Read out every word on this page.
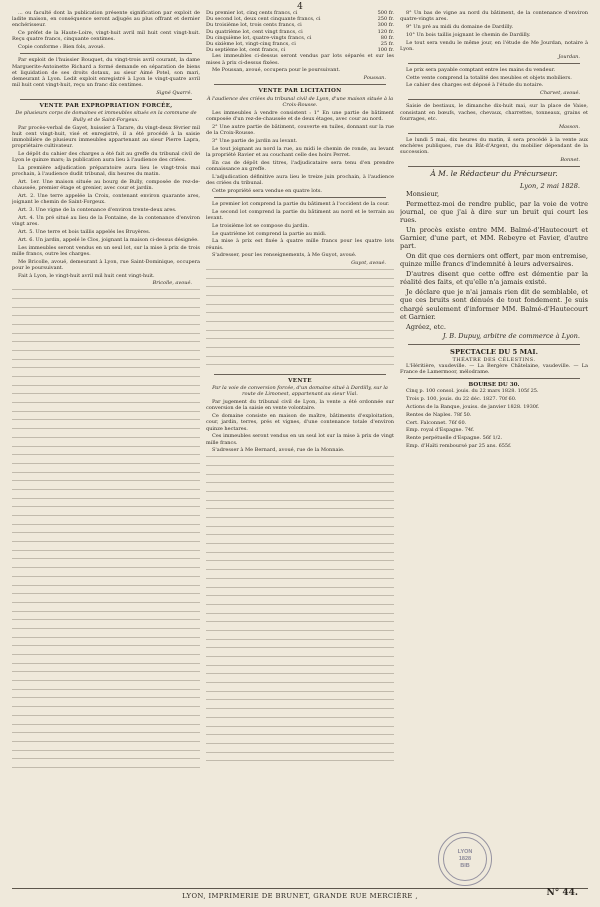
4

... ou faculté dont la publication présente signification par exploit de ladite maison, en conséquence seront adjugés au plus offrant et dernier enchérisseur.

Ce préfet de la Haute-Loire, vingt-huit avril mil huit cent vingt-huit. Reçu quatre francs, cinquante centimes.

Copie conforme : Bien fols, avoué.

Par exploit de l'huissier Bouquet, du vingt-trois avril courant, la dame Marguerite-Antoinette Richard a formé demande en séparation de biens et liquidation de ses droits dotaux, au sieur Aimé Potel, son mari, demeurant à Lyon. Ledit exploit enregistré à Lyon le vingt-quatre avril mil huit cent vingt-huit, reçu un franc dix centimes.

Signé Quarré.
VENTE PAR EXPROPRIATION FORCÉE,
De plusieurs corps de domaines et immeubles situés en la commune de Bully et de Saint-Forgeux.

Par procès-verbal de Gayet, huissier à Tarare, du vingt-deux février mil huit cent vingt-huit, visé et enregistré, il a été procédé à la saisie immobilière de plusieurs immeubles appartenant au sieur Pierre Lapra, propriétaire cultivateur.

Le dépôt du cahier des charges a été fait au greffe du tribunal civil de Lyon le quinze mars; la publication aura lieu à l'audience des criées.

La première adjudication préparatoire aura lieu le vingt-trois mai prochain, à l'audience dudit tribunal, dix heures du matin.

Art. 1er. Une maison située au bourg de Bully, composée de rez-de-chaussée, premier étage et grenier, avec cour et jardin.

Art. 2. Une terre appelée la Croix, contenant environ quarante ares, joignant le chemin de Saint-Forgeux.

Art. 3. Une vigne de la contenance d'environ trente-deux ares.

Art. 4. Un pré situé au lieu de la Fontaine, de la contenance d'environ vingt ares.

Art. 5. Une terre et bois taillis appelés les Bruyères.

Art. 6. Un jardin, appelé le Clos, joignant la maison ci-dessus désignée.

Les immeubles seront vendus en un seul lot, sur la mise à prix de trois mille francs, outre les charges.

Me Bricolle, avoué, demeurant à Lyon, rue Saint-Dominique, occupera pour le poursuivant.

Fait à Lyon, le vingt-huit avril mil huit cent vingt-huit.

Bricolle, avoué.
Du premier lot, cinq cents francs, ci	500 fr.
Du second lot, deux cent cinquante francs, ci	250 fr.
Du troisième lot, trois cents francs, ci	300 fr.
Du quatrième lot, cent vingt francs, ci	120 fr.
Du cinquième lot, quatre-vingts francs, ci	80 fr.
Du sixième lot, vingt-cinq francs, ci	25 fr.
Du septième lot, cent francs, ci	100 fr.

Les immeubles ci-dessus seront vendus par lots séparés et sur les mises à prix ci-dessus fixées.

Me Poussan, avoué, occupera pour le poursuivant.

Poussan.
VENTE PAR LICITATION
À l'audience des criées du tribunal civil de Lyon, d'une maison située à la Croix-Rousse.

Les immeubles à vendre consistent : 1° En une partie de bâtiment composée d'un rez-de-chaussée et de deux étages, avec cour au nord.

2° Une autre partie de bâtiment, couverte en tuiles, donnant sur la rue de la Croix-Rousse.

3° Une partie de jardin au levant.

Le tout joignant au nord la rue, au midi le chemin de ronde, au levant la propriété Ravier et au couchant celle des hoirs Perret.

En cas de dépôt des titres, l'adjudicataire sera tenu d'en prendre connaissance au greffe.

L'adjudication définitive aura lieu le treize juin prochain, à l'audience des criées du tribunal.

Cette propriété sera vendue en quatre lots.

Le premier lot comprend la partie du bâtiment à l'occident de la cour.

Le second lot comprend la partie du bâtiment au nord et le terrain au levant.

Le troisième lot se compose du jardin.

Le quatrième lot comprend la partie au midi.

La mise à prix est fixée à quatre mille francs pour les quatre lots réunis.

S'adresser, pour les renseignements, à Me Guyot, avoué.

Guyot, avoué.
VENTE
Par la voie de conversion forcée, d'un domaine situé à Dardilly, sur la route de Limonest, appartenant au sieur Vial.

Par jugement du tribunal civil de Lyon, la vente a été ordonnée sur conversion de la saisie en vente volontaire.

Ce domaine consiste en maison de maître, bâtiments d'exploitation, cour, jardin, terres, prés et vignes, d'une contenance totale d'environ quinze hectares.

Ces immeubles seront vendus en un seul lot sur la mise à prix de vingt mille francs.

S'adresser à Me Bernard, avoué, rue de la Monnaie.

8° Un bas de vigne au nord du bâtiment, de la contenance d'environ quatre-vingts ares.

9° Un pré au midi du domaine de Dardilly.

10° Un bois taillis joignant le chemin de Dardilly.

Le tout sera vendu le même jour, en l'étude de Me Jourdan, notaire à Lyon.

Jourdan.

Le prix sera payable comptant entre les mains du vendeur.

Cette vente comprend la totalité des meubles et objets mobiliers.

Le cahier des charges est déposé à l'étude du notaire.

Charvet, avoué.

Saisie de bestiaux, le dimanche dix-huit mai, sur la place de Vaise, consistant en bœufs, vaches, chevaux, charrettes, tonneaux, grains et fourrages, etc.

Masson.

Le lundi 5 mai, dix heures du matin, il sera procédé à la vente aux enchères publiques, rue du Bât-d'Argent, du mobilier dépendant de la succession.

Bonnet.
À M. le Rédacteur du Précurseur.
Lyon, 2 mai 1828.

Monsieur,

Permettez-moi de rendre public, par la voie de votre journal, ce que j'ai à dire sur un bruit qui court les rues.

Un procès existe entre MM. Balmé-d'Hautecourt et Garnier, d'une part, et MM. Rebeyre et Favier, d'autre part.

On dit que ces derniers ont offert, par mon entremise, quinze mille francs d'indemnité à leurs adversaires.

D'autres disent que cette offre est démentie par la réalité des faits, et qu'elle n'a jamais existé.

Je déclare que je n'ai jamais rien dit de semblable, et que ces bruits sont dénués de tout fondement. Je suis chargé seulement d'informer MM. Balmé-d'Hautecourt et Garnier.

Agréez, etc.

J. B. Dupuy, arbitre de commerce à Lyon.
SPECTACLE DU 5 MAI.
THÉATRE DES CÉLESTINS.

L'Héritière, vaudeville. — La Bergère Châtelaine, vaudeville. — La France de Lamermoor, mélodrame.

BOURSE DU 30.

Cinq p. 100 consol. jouis. du 22 mars 1828. 105f 25.

Trois p. 100, jouis. du 22 déc. 1827. 70f 60.

Actions de la Banque, jouiss. de janvier 1828. 1930f.

Rentes de Naples. 78f 50.

Cert. Falconnet. 76f 60.

Emp. royal d'Espagne. 74f.

Rente perpétuelle d'Espagne. 56f 1/2.

Emp. d'Haïti remboursé par 25 ans. 655f.

LYON
1828
BIB
LYON, IMPRIMERIE DE BRUNET, GRANDE RUE MERCIÈRE ,	N° 44.
